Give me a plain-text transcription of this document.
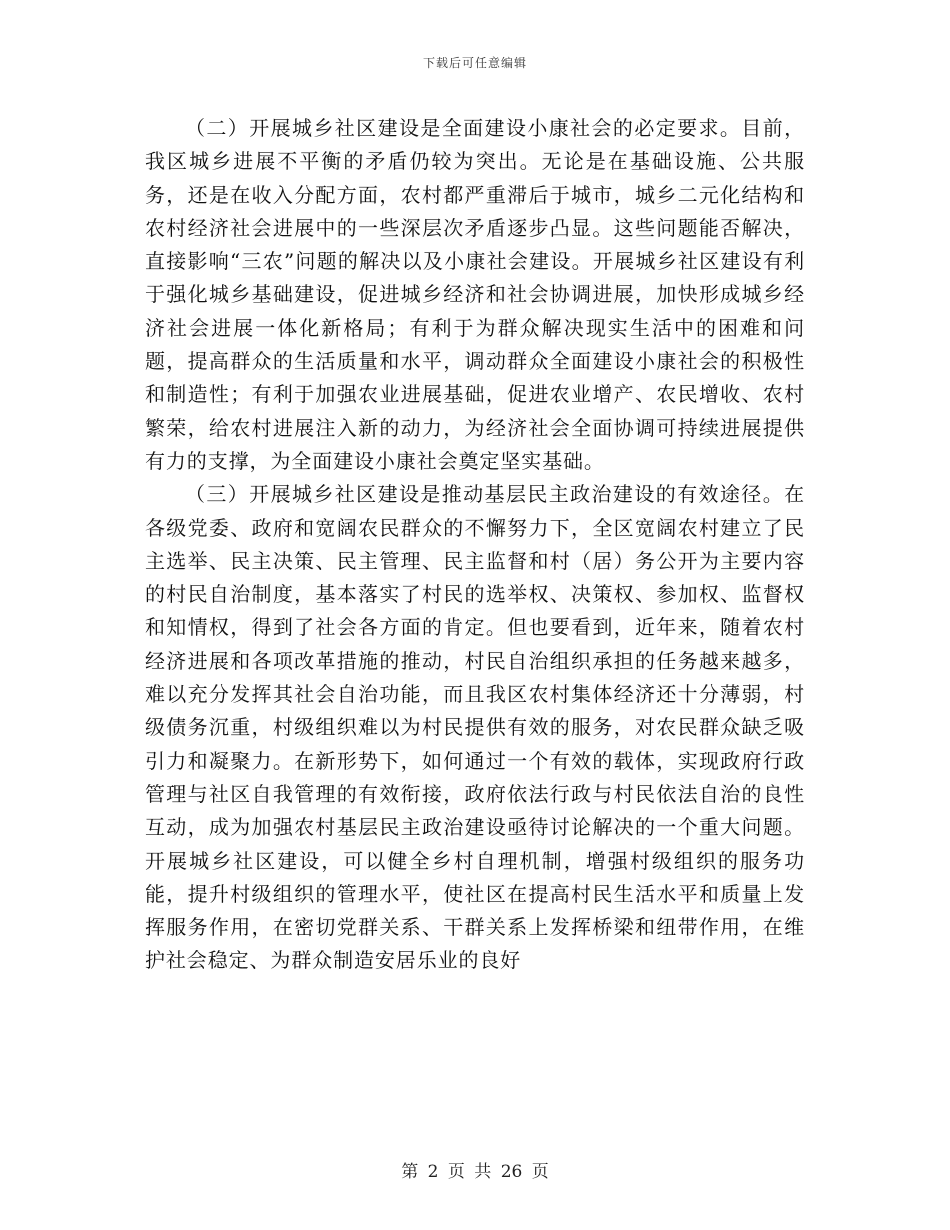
下载后可任意编辑

（二）开展城乡社区建设是全面建设小康社会的必定要求。目前，我区城乡进展不平衡的矛盾仍较为突出。无论是在基础设施、公共服务，还是在收入分配方面，农村都严重滞后于城市，城乡二元化结构和农村经济社会进展中的一些深层次矛盾逐步凸显。这些问题能否解决，直接影响“三农”问题的解决以及小康社会建设。开展城乡社区建设有利于强化城乡基础建设，促进城乡经济和社会协调进展，加快形成城乡经济社会进展一体化新格局；有利于为群众解决现实生活中的困难和问题，提高群众的生活质量和水平，调动群众全面建设小康社会的积极性和制造性；有利于加强农业进展基础，促进农业增产、农民增收、农村繁荣，给农村进展注入新的动力，为经济社会全面协调可持续进展提供有力的支撑，为全面建设小康社会奠定坚实基础。

（三）开展城乡社区建设是推动基层民主政治建设的有效途径。在各级党委、政府和宽阔农民群众的不懈努力下，全区宽阔农村建立了民主选举、民主决策、民主管理、民主监督和村（居）务公开为主要内容的村民自治制度，基本落实了村民的选举权、决策权、参加权、监督权和知情权，得到了社会各方面的肯定。但也要看到，近年来，随着农村经济进展和各项改革措施的推动，村民自治组织承担的任务越来越多，难以充分发挥其社会自治功能，而且我区农村集体经济还十分薄弱，村级债务沉重，村级组织难以为村民提供有效的服务，对农民群众缺乏吸引力和凝聚力。在新形势下，如何通过一个有效的载体，实现政府行政管理与社区自我管理的有效衔接，政府依法行政与村民依法自治的良性互动，成为加强农村基层民主政治建设亟待讨论解决的一个重大问题。开展城乡社区建设，可以健全乡村自理机制，增强村级组织的服务功能，提升村级组织的管理水平，使社区在提高村民生活水平和质量上发挥服务作用，在密切党群关系、干群关系上发挥桥梁和纽带作用，在维护社会稳定、为群众制造安居乐业的良好

第 2 页 共 26 页
